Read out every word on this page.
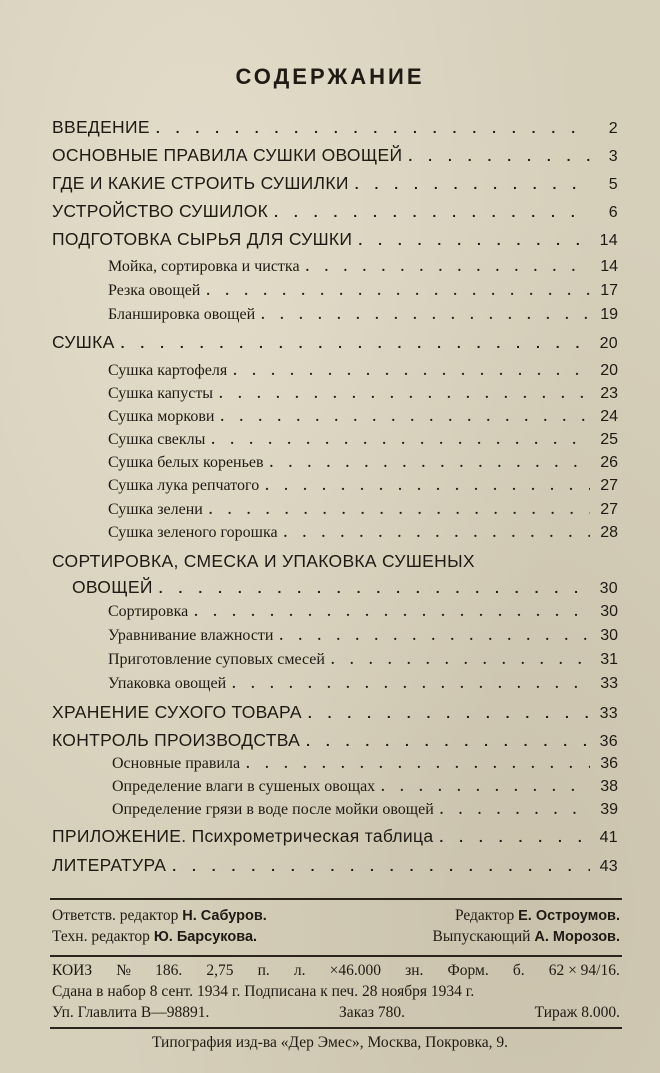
СОДЕРЖАНИЕ
ВВЕДЕНИЕ . . .	2
ОСНОВНЫЕ ПРАВИЛА СУШКИ ОВОЩЕЙ . . .	3
ГДЕ И КАКИЕ СТРОИТЬ СУШИЛКИ . . .	5
УСТРОЙСТВО СУШИЛОК . . .	6
ПОДГОТОВКА СЫРЬЯ ДЛЯ СУШКИ . . .	14
Мойка, сортировка и чистка . . .	14
Резка овощей . . .	17
Бланшировка овощей . . .	19
СУШКА . . .	20
Сушка картофеля . . .	20
Сушка капусты . . .	23
Сушка моркови . . .	24
Сушка свеклы . . .	25
Сушка белых кореньев . . .	26
Сушка лука репчатого . . .	27
Сушка зелени . . .	27
Сушка зеленого горошка . . .	28
СОРТИРОВКА, СМЕСКА И УПАКОВКА СУШЕНЫХ
ОВОЩЕЙ . . .	30
Сортировка . . .	30
Уравнивание влажности . . .	30
Приготовление суповых смесей . . .	31
Упаковка овощей . . .	33
ХРАНЕНИЕ СУХОГО ТОВАРА . . .	33
КОНТРОЛЬ ПРОИЗВОДСТВА . . .	36
Основные правила . . .	36
Определение влаги в сушеных овощах . . .	38
Определение грязи в воде после мойки овощей . . .	39
ПРИЛОЖЕНИЕ. Психрометрическая таблица . . .	41
ЛИТЕРАТУРА . . .	43
Ответств. редактор Н. Сабуров.	Редактор Е. Остроумов.
Техн. редактор Ю. Барсукова.	Выпускающий А. Морозов.
КОИЗ № 186. 2,75 п. л. ×46.000 зн. Форм. б. 62 × 94/16.
Сдана в набор 8 сент. 1934 г. Подписана к печ. 28 ноября 1934 г.
Уп. Главлита В—98891.	Заказ 780.	Тираж 8.000.
Типография изд-ва «Дер Эмес», Москва, Покровка, 9.
